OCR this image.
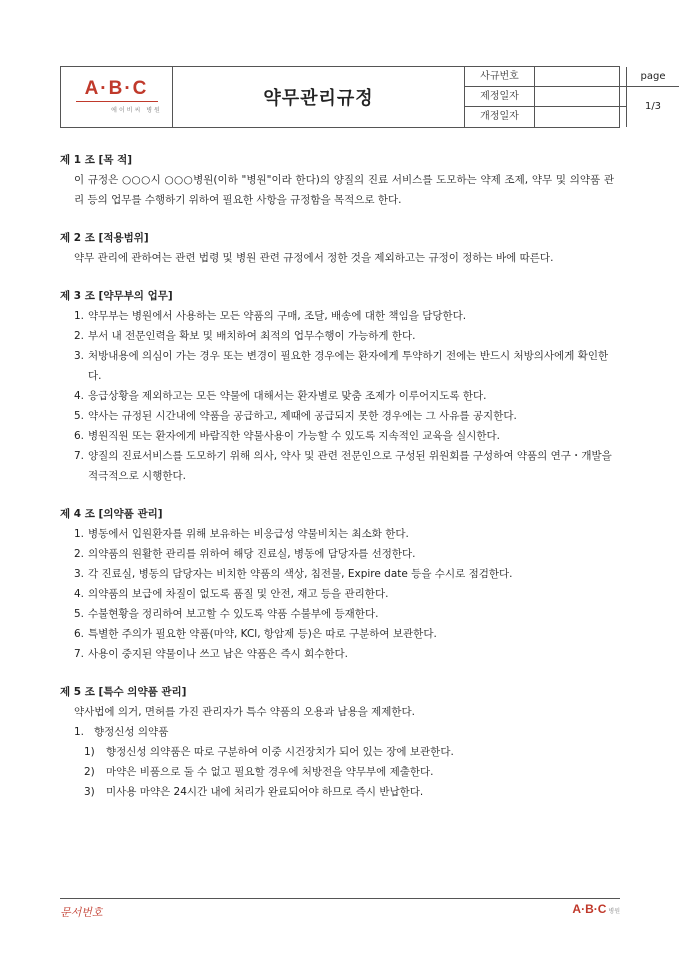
A·B·C
에이비씨 병원
약무관리규정
사규번호
제정일자
개정일자
page
1/3
제 1 조 [목 적]
이 규정은 ○○○시 ○○○병원(이하 "병원"이라 한다)의 양질의 진료 서비스를 도모하는 약제 조제, 약무 및 의약품 관리 등의 업무를 수행하기 위하여 필요한 사항을 규정함을 목적으로 한다.
제 2 조 [적용범위]
약무 관리에 관하여는 관련 법령 및 병원 관련 규정에서 정한 것을 제외하고는 규정이 정하는 바에 따른다.
제 3 조 [약무부의 업무]
1. 약무부는 병원에서 사용하는 모든 약품의 구매, 조달, 배송에 대한 책임을 담당한다.
2. 부서 내 전문인력을 확보 및 배치하여 최적의 업무수행이 가능하게 한다.
3. 처방내용에 의심이 가는 경우 또는 변경이 필요한 경우에는 환자에게 투약하기 전에는 반드시 처방의사에게 확인한다.
4. 응급상황을 제외하고는 모든 약물에 대해서는 환자별로 맞춤 조제가 이루어지도록 한다.
5. 약사는 규정된 시간내에 약품을 공급하고, 제때에 공급되지 못한 경우에는 그 사유를 공지한다.
6. 병원직원 또는 환자에게 바람직한 약물사용이 가능할 수 있도록 지속적인 교육을 실시한다.
7. 양질의 진료서비스를 도모하기 위해 의사, 약사 및 관련 전문인으로 구성된 위원회를 구성하여 약품의 연구・개발을 적극적으로 시행한다.
제 4 조 [의약품 관리]
1. 병동에서 입원환자를 위해 보유하는 비응급성 약물비치는 최소화 한다.
2. 의약품의 원활한 관리를 위하여 해당 진료실, 병동에 담당자를 선정한다.
3. 각 진료실, 병동의 담당자는 비치한 약품의 색상, 침전물, Expire date 등을 수시로 점검한다.
4. 의약품의 보급에 차질이 없도록 품질 및 안전, 재고 등을 관리한다.
5. 수불현황을 정리하여 보고할 수 있도록 약품 수불부에 등재한다.
6. 특별한 주의가 필요한 약품(마약, KCl, 항암제 등)은 따로 구분하여 보관한다.
7. 사용이 중지된 약물이나 쓰고 남은 약품은 즉시 회수한다.
제 5 조 [특수 의약품 관리]
약사법에 의거, 면허를 가진 관리자가 특수 약품의 오용과 남용을 제제한다.
1. 향정신성 의약품
1) 향정신성 의약품은 따로 구분하여 이중 시건장치가 되어 있는 장에 보관한다.
2) 마약은 비품으로 둘 수 없고 필요할 경우에 처방전을 약무부에 제출한다.
3) 미사용 마약은 24시간 내에 처리가 완료되어야 하므로 즉시 반납한다.
문서번호	A·B·C 병원
